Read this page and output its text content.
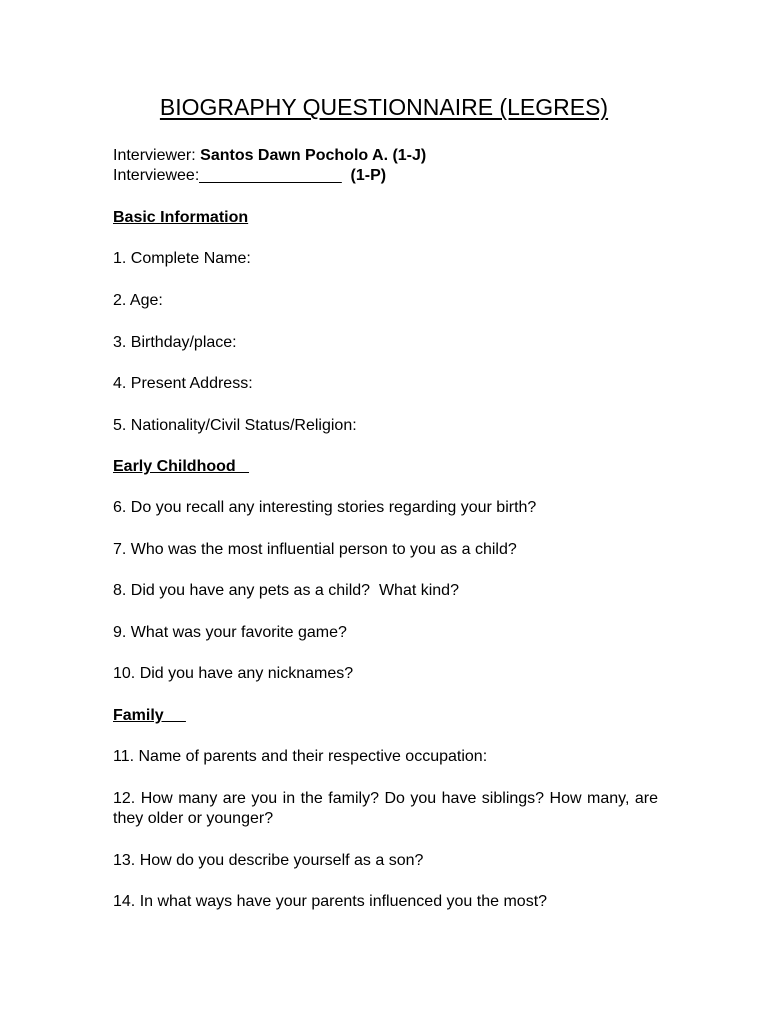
BIOGRAPHY QUESTIONNAIRE (LEGRES)
Interviewer: Santos Dawn Pocholo A. (1-J)
Interviewee:________________  (1-P)
Basic Information
1. Complete Name:
2. Age:
3. Birthday/place:
4. Present Address:
5. Nationality/Civil Status/Religion:
Early Childhood
6. Do you recall any interesting stories regarding your birth?
7. Who was the most influential person to you as a child?
8. Did you have any pets as a child?  What kind?
9. What was your favorite game?
10. Did you have any nicknames?
Family
11. Name of parents and their respective occupation:
12. How many are you in the family? Do you have siblings? How many, are they older or younger?
13. How do you describe yourself as a son?
14. In what ways have your parents influenced you the most?
